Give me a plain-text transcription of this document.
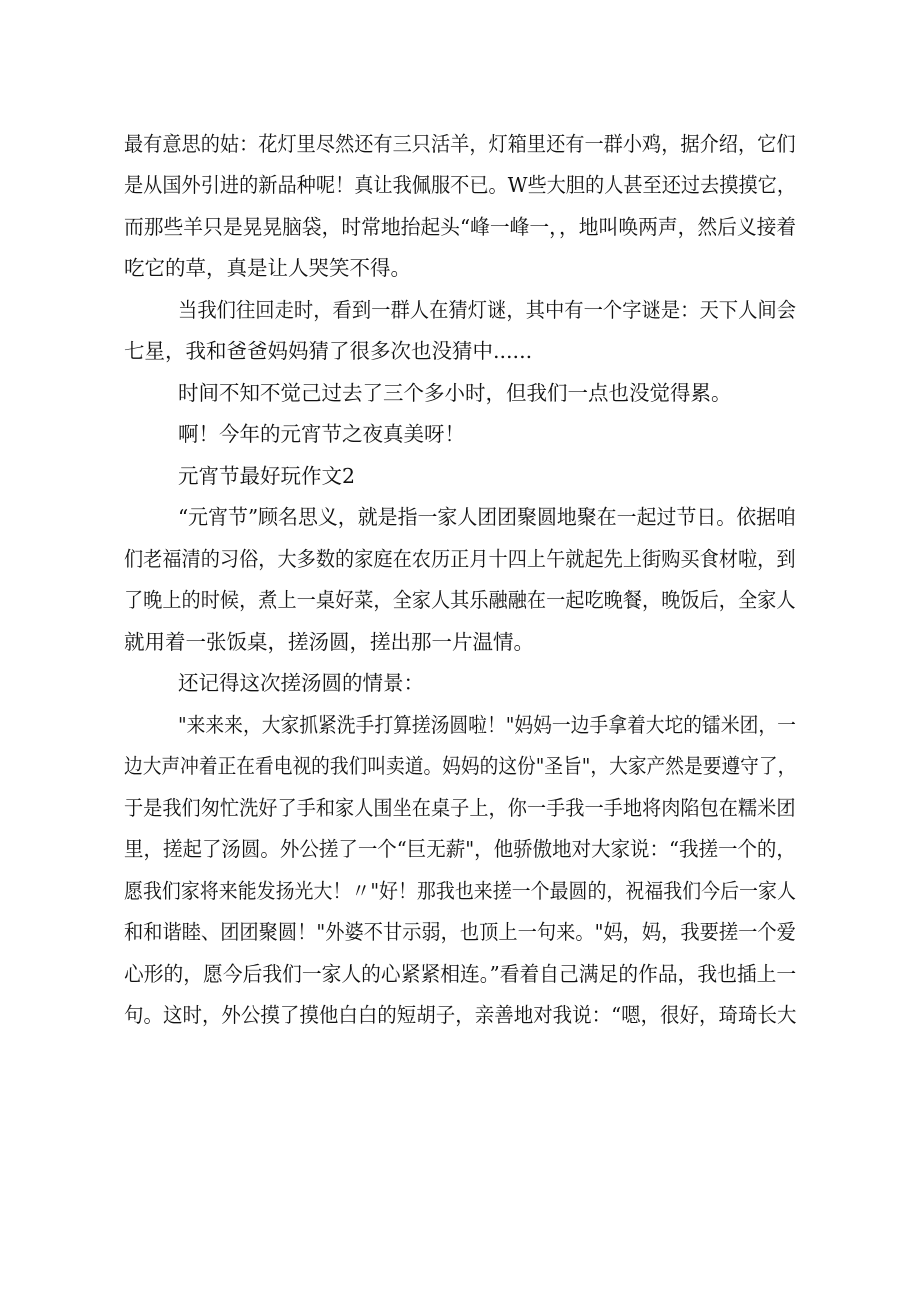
最有意思的姑：花灯里尽然还有三只活羊，灯箱里还有一群小鸡，据介绍，它们
是从国外引进的新品种呢！真让我佩服不已。W些大胆的人甚至还过去摸摸它，
而那些羊只是晃晃脑袋，时常地抬起头“峰一峰一，，地叫唤两声，然后义接着
吃它的草，真是让人哭笑不得。
当我们往回走时，看到一群人在猜灯谜，其中有一个字谜是：天下人间会
七星，我和爸爸妈妈猜了很多次也没猜中......
时间不知不觉己过去了三个多小时，但我们一点也没觉得累。
啊！今年的元宵节之夜真美呀！
元宵节最好玩作文2
“元宵节”顾名思义，就是指一家人团团聚圆地聚在一起过节日。依据咱
们老福清的习俗，大多数的家庭在农历正月十四上午就起先上街购买食材啦，到
了晚上的时候，煮上一桌好菜，全家人其乐融融在一起吃晚餐，晚饭后，全家人
就用着一张饭桌，搓汤圆，搓出那一片温情。
还记得这次搓汤圆的情景：
"来来来，大家抓紧洗手打算搓汤圆啦！"妈妈一边手拿着大坨的镭米团，一
边大声冲着正在看电视的我们叫卖道。妈妈的这份"圣旨"，大家产然是要遵守了，
于是我们匆忙洗好了手和家人围坐在桌子上，你一手我一手地将肉陷包在糯米团
里，搓起了汤圆。外公搓了一个“巨无薪"，他骄傲地对大家说：“我搓一个的，
愿我们家将来能发扬光大！〃"好！那我也来搓一个最圆的，祝福我们今后一家人
和和谐睦、团团聚圆！"外婆不甘示弱，也顶上一句来。"妈，妈，我要搓一个爱
心形的，愿今后我们一家人的心紧紧相连。”看着自己满足的作品，我也插上一
句。这时，外公摸了摸他白白的短胡子，亲善地对我说：“嗯，很好，琦琦长大
